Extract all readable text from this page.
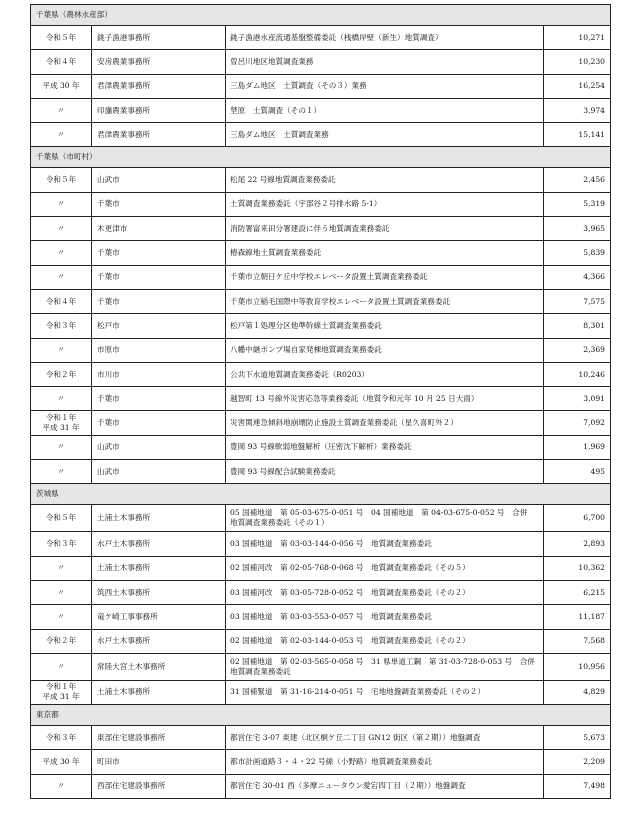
千葉県（農林水産部）			

令和５年	銚子漁港事務所	銚子漁港水産流通基盤整備委託（桟橋岸壁（新生）地質調査）	10,271

令和４年	安房農業事務所	曽呂川地区地質調査業務	10,230

平成 30 年	君津農業事務所	三島ダム地区　土質調査（その３）業務	16,254

〃	印旛農業事務所	埜原　土質調査（その１）	3,974

〃	君津農業事務所	三島ダム地区　土質調査業務	15,141
千葉県（市町村）			

令和５年	山武市	松尾 22 号線地質調査業務委託	2,456

〃	千葉市	土質調査業務委託（宇部谷２号排水路 5-1）	5,319

〃	木更津市	消防署富来田分署建設に伴う地質調査業務委託	3,965

〃	千葉市	椿森線地土質調査業務委託	5,839

〃	千葉市	千葉市立朝日ケ丘中学校エレベータ設置土質調査業務委託	4,366

令和４年	千葉市	千葉市立稲毛国際中等教育学校エレベータ設置土質調査業務委託	7,575

令和３年	松戸市	松戸第１処理分区他準幹線土質調査業務委託	8,301

〃	市原市	八幡中継ポンプ場自家発棟地質調査業務委託	2,369

令和２年	市川市	公共下水道地質調査業務委託（R0203）	10,246

〃	千葉市	越智町 13 号線外災害応急等業務委託（地質令和元年 10 月 25 日大雨）	3,091

令和１年
平成 31 年	千葉市	災害関連急傾斜地崩壊防止施設土質調査業務委託（星久喜町外２）	7,092

〃	山武市	豊岡 93 号線軟弱地盤解析（圧密沈下解析）業務委託	1,969

〃	山武市	豊岡 93 号線配合試験業務委託	495
茨城県			

令和５年	土浦土木事務所	05 国補地道　第 05-03-675-0-051 号　04 国補地道　第 04-03-675-0-052 号　合併　地質調査業務委託（その１）	6,700

令和３年	水戸土木事務所	03 国補地道　第 03-03-144-0-056 号　地質調査業務委託	2,893

〃	土浦土木事務所	02 国補河改　第 02-05-768-0-068 号　地質調査業務委託（その５）	10,362

〃	筑西土木事務所	03 国補河改　第 03-05-728-0-052 号　地質調査業務委託（その２）	6,215

〃	竜ケ崎工事事務所	03 国補地道　第 03-03-553-0-057 号　地質調査業務委託	11,187

令和２年	水戸土木事務所	02 国補地道　第 02-03-144-0-053 号　地質調査業務委託（その２）	7,568

〃	常陸大宮土木事務所	02 国補地道　第 02-03-565-0-058 号　31 県単道工鋼　第 31-03-728-0-053 号　合併　地質調査業務委託	10,956

令和１年
平成 31 年	土浦土木事務所	31 国補緊道　第 31-16-214-0-051 号　宅地地盤調査業務委託（その２）	4,829
東京都			

令和３年	東部住宅建設事務所	都営住宅 3-07 東建（北区桐ケ丘二丁目 GN12 街区（第２期））地盤調査	5,673

平成 30 年	町田市	都市計画道路３・４・22 号線（小野路）地質調査業務委託	2,209

〃	西部住宅建設事務所	都営住宅 30-01 西（多摩ニュータウン愛宕四丁目（２期））地盤調査	7,498
